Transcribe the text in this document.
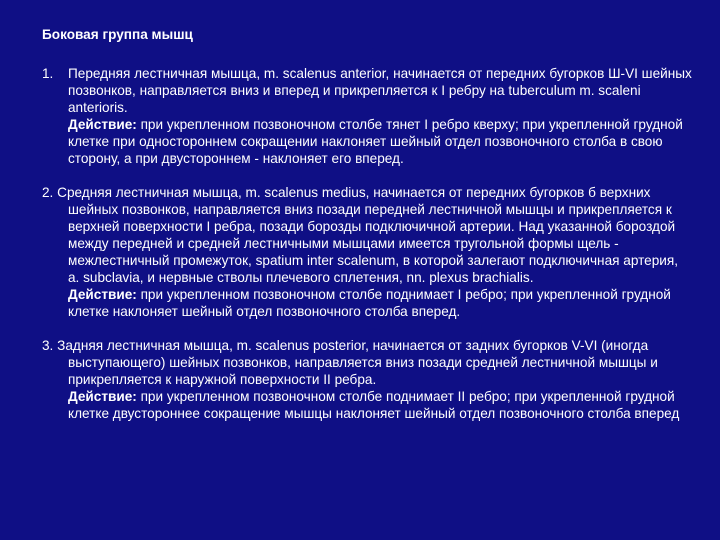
Боковая группа мышц
1. Передняя лестничная мышца, m. scalenus anterior, начинается от передних бугорков Ш-VI шейных позвонков, направляется вниз и вперед и прикрепляется к I ребру на tuberculum m. scaleni anterioris.
Действие: при укрепленном позвоночном столбе тянет I ребро кверху; при укрепленной грудной клетке при одностороннем сокращении наклоняет шейный отдел позвоночного столба в свою сторону, а при двустороннем - наклоняет его вперед.
2. Средняя лестничная мышца, m. scalenus medius, начинается от передних бугорков б верхних шейных позвонков, направляется вниз позади передней лестничной мышцы и прикрепляется к верхней поверхности I ребра, позади борозды подключичной артерии. Над указанной бороздой между передней и средней лестничными мышцами имеется тругольной формы щель - межлестничный промежуток, spatium inter scalenum, в которой залегают подключичная артерия, a. subclavia, и нервные стволы плечевого сплетения, nn. plexus brachialis.
Действие: при укрепленном позвоночном столбе поднимает I ребро; при укрепленной грудной клетке наклоняет шейный отдел позвоночного столба вперед.
3. Задняя лестничная мышца, m. scalenus posterior, начинается от задних бугорков V-VI (иногда выступающего) шейных позвонков, направляется вниз позади средней лестничной мышцы и прикрепляется к наружной поверхности II ребра.
Действие: при укрепленном позвоночном столбе поднимает II ребро; при укрепленной грудной клетке двустороннее сокращение мышцы наклоняет шейный отдел позвоночного столба вперед
